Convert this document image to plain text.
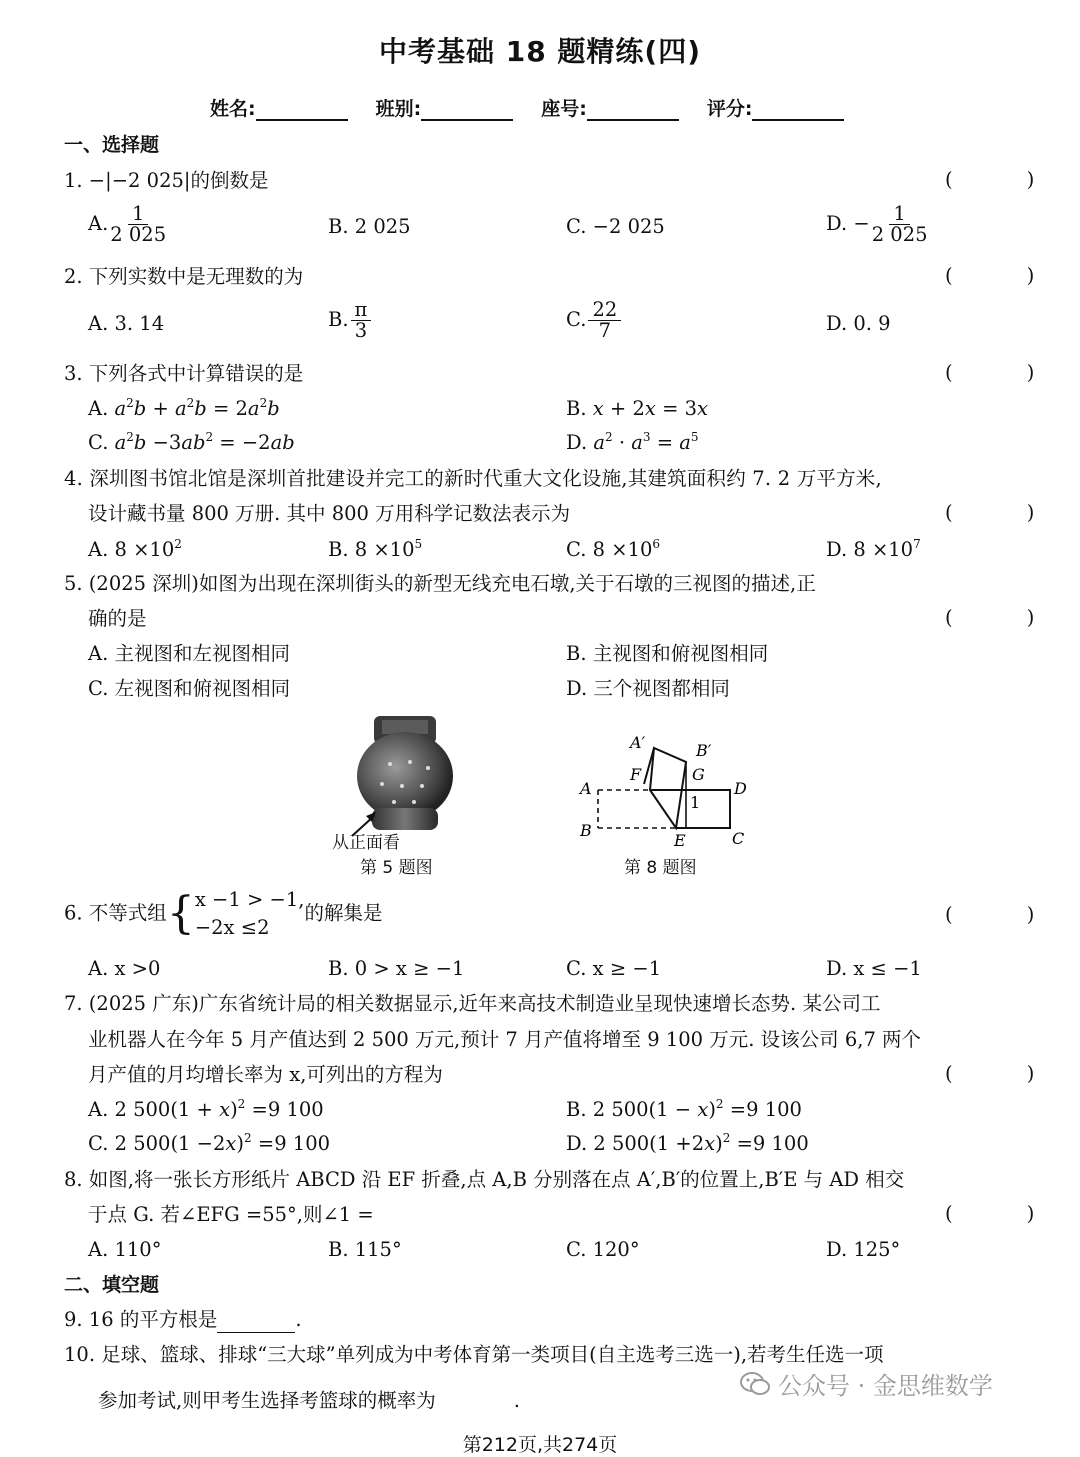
中考基础 18 题精练(四)
姓名:	班别:	座号:	评分:
一、选择题
1. −|−2 025|的倒数是	( )
A. $\frac{1}{2 025}$	B. 2 025	C. −2 025	D. − $\frac{1}{2 025}$
2. 下列实数中是无理数的为	( )
A. 3. 14	B. $\frac{\pi}{3}$	C. $\frac{22}{7}$	D. 0. 9
3. 下列各式中计算错误的是	( )
A. $a^2b + a^2b = 2a^2b$	B. x + 2x = 3x
C. $a^2b -3ab^2 = -2ab$	D. $a^2 \cdot a^3 = a^5$
4. 深圳图书馆北馆是深圳首批建设并完工的新时代重大文化设施,其建筑面积约 7. 2 万平方米,
设计藏书量 800 万册. 其中 800 万用科学记数法表示为	( )
A. $8 \times 10^2$	B. $8 \times 10^5$	C. $8 \times 10^6$	D. $8 \times 10^7$
5. (2025 深圳)如图为出现在深圳街头的新型无线充电石墩,关于石墩的三视图的描述,正
确的是	( )
A. 主视图和左视图相同	B. 主视图和俯视图相同
C. 左视图和俯视图相同	D. 三个视图都相同
从正面看
第 5 题图
A′	B′
F	G
A	D
B
E	C
1
第 8 题图
6. 不等式组{ x −1 > −1,
−2x ≤2
的解集是	( )
A. x >0	B. 0 > x ≥ −1	C. x ≥ −1	D. x ≤ −1
7. (2025 广东)广东省统计局的相关数据显示,近年来高技术制造业呈现快速增长态势. 某公司工
业机器人在今年 5 月产值达到 2 500 万元,预计 7 月产值将增至 9 100 万元. 设该公司 6,7 两个
月产值的月均增长率为 x,可列出的方程为	( )
A. 2 $500(1 + x)^2 =9$ 100	B. 2 $500(1 - x)^2 =9$ 100
C. 2 $500(1 -2x)^2 =9$ 100	D. 2 $500(1 +2x)^2 =9$ 100
8. 如图,将一张长方形纸片 ABCD 沿 EF 折叠,点 A,B 分别落在点 A′,B′的位置上,B′E 与 AD 相交
于点 G. 若∠EFG =55°,则∠1 =	( )
A. 110°	B. 115°	C. 120°	D. 125°
二、填空题
9. 16 的平方根是	.
10. 足球、篮球、排球“三大球”单列成为中考体育第一类项目(自主选考三选一),若考生任选一项
参加考试,则甲考生选择考篮球的概率为	.
公众号 · 金思维数学
第212页,共274页
